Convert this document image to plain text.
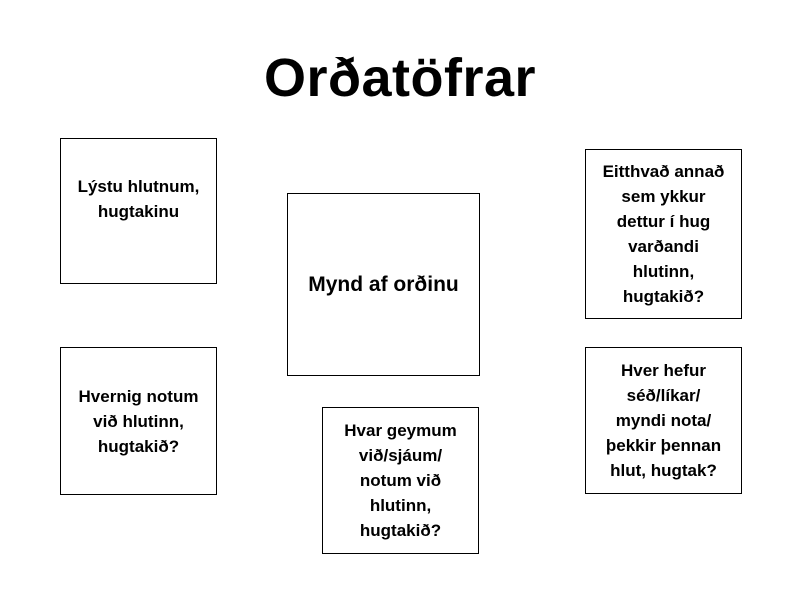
Orðatöfrar
Lýstu hlutnum,
hugtakinu
Mynd af orðinu
Eitthvað annað
sem ykkur
dettur í hug
varðandi
hlutinn,
hugtakið?
Hvernig notum
við hlutinn,
hugtakið?
Hvar geymum
við/sjáum/
notum við
hlutinn,
hugtakið?
Hver hefur
séð/líkar/
myndi nota/
þekkir þennan
hlut, hugtak?
